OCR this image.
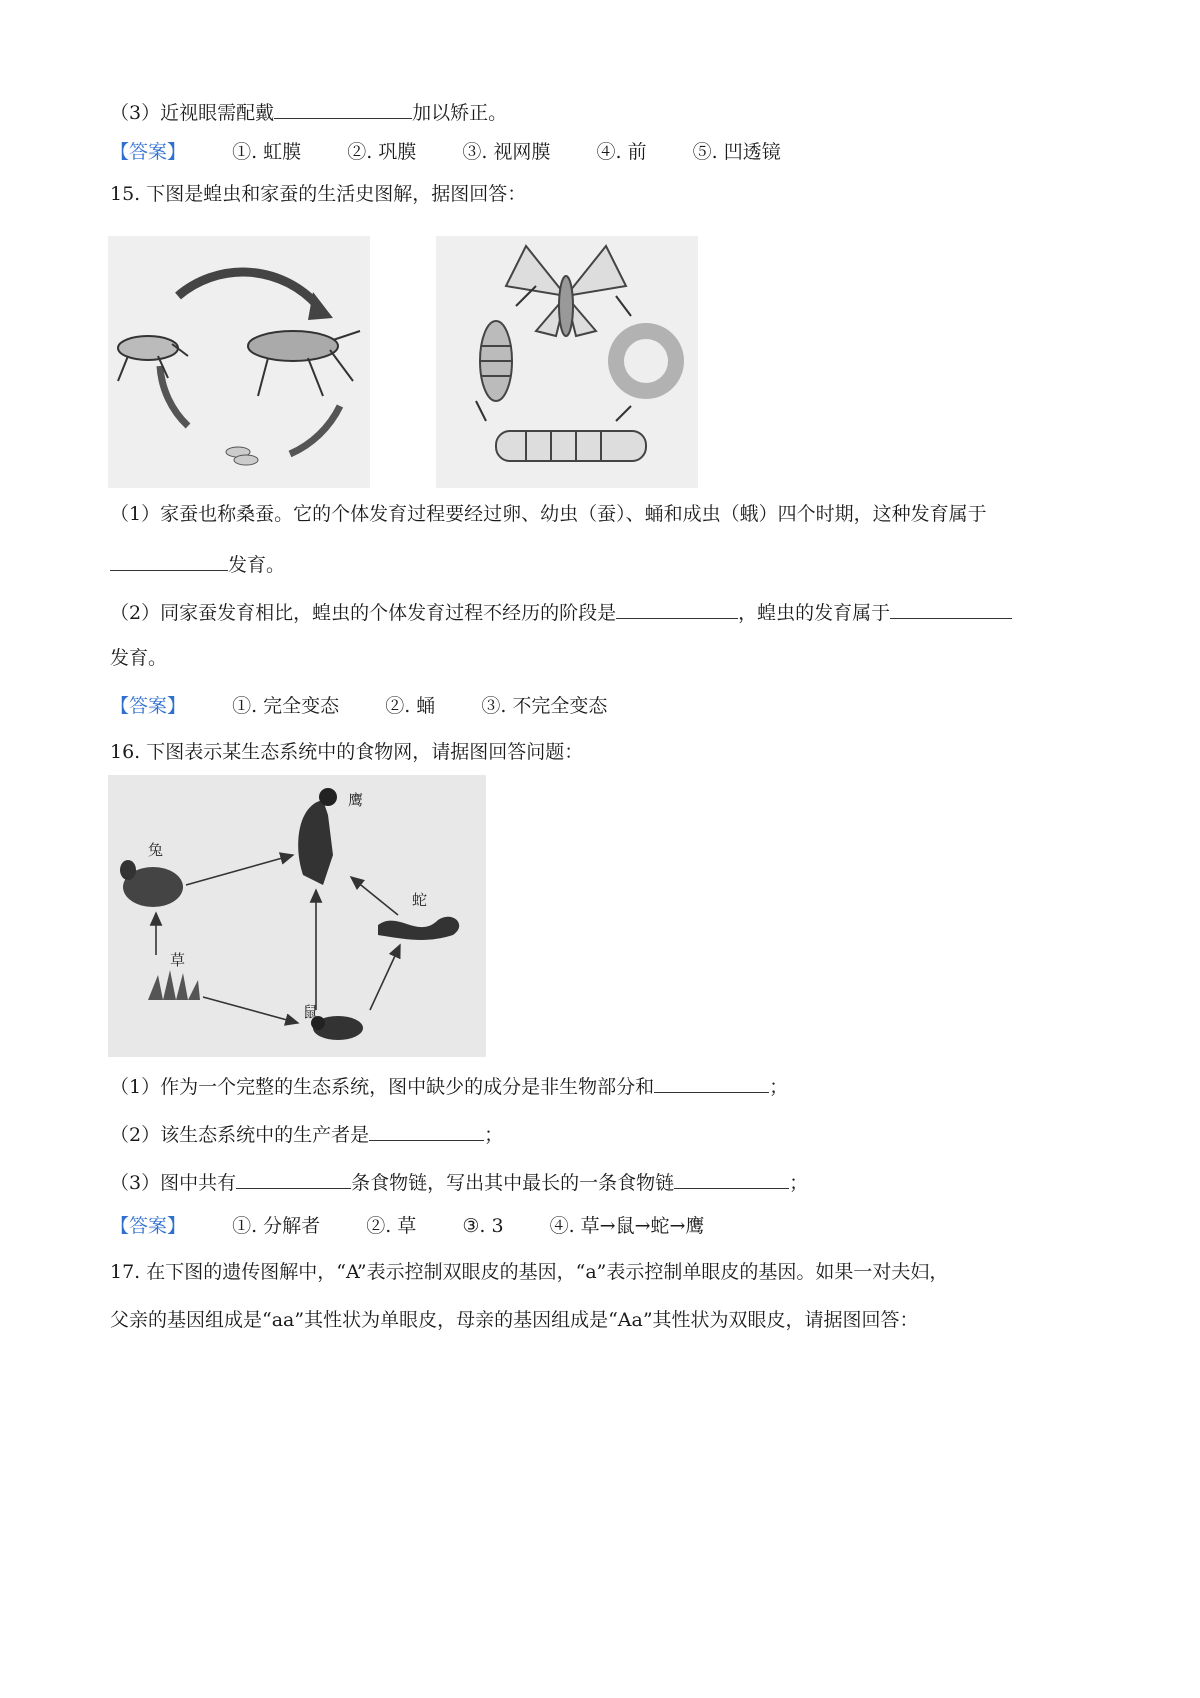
（3）近视眼需配戴	加以矫正。
【答案】 ①. 虹膜 ②. 巩膜 ③. 视网膜 ④. 前 ⑤. 凹透镜
15. 下图是蝗虫和家蚕的生活史图解，据图回答：
（1）家蚕也称桑蚕。它的个体发育过程要经过卵、幼虫（蚕）、蛹和成虫（蛾）四个时期，这种发育属于
发育。
（2）同家蚕发育相比，蝗虫的个体发育过程不经历的阶段是	，蝗虫的发育属于
发育。
【答案】 ①. 完全变态 ②. 蛹 ③. 不完全变态
16. 下图表示某生态系统中的食物网，请据图回答问题：
鹰
兔
蛇
草
鼠
（1）作为一个完整的生态系统，图中缺少的成分是非生物部分和	；
（2）该生态系统中的生产者是	；
（3）图中共有	条食物链，写出其中最长的一条食物链	；
【答案】 ①. 分解者 ②. 草 ③. 3 ④. 草→鼠→蛇→鹰
17. 在下图的遗传图解中，“A”表示控制双眼皮的基因，“a”表示控制单眼皮的基因。如果一对夫妇，
父亲的基因组成是“aa”其性状为单眼皮，母亲的基因组成是“Aa”其性状为双眼皮，请据图回答：
